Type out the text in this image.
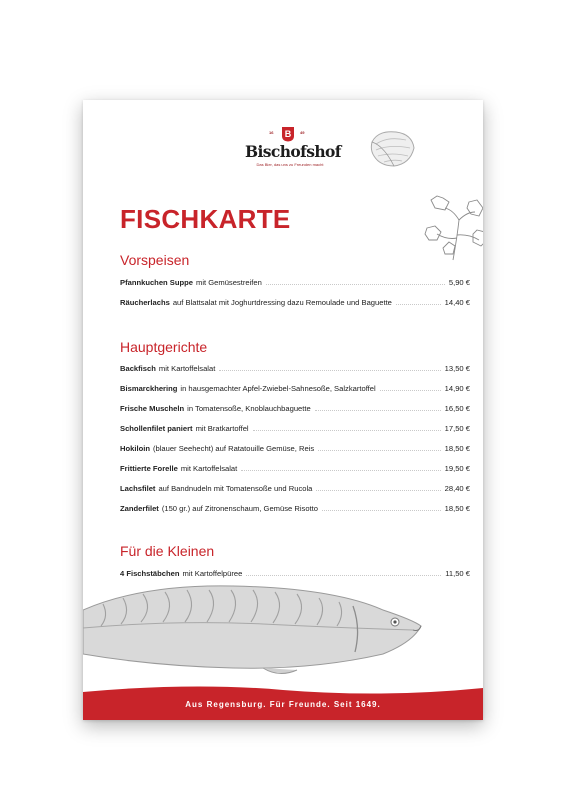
16 B 49
Bischofshof
Das Bier, das uns zu Freunden macht
FISCHKARTE
Vorspeisen
Pfannkuchen Suppe mit Gemüsestreifen	5,90 €
Räucherlachs auf Blattsalat mit Joghurtdressing dazu Remoulade und Baguette	14,40 €
Hauptgerichte
Backfisch mit Kartoffelsalat	13,50 €
Bismarckhering in hausgemachter Apfel-Zwiebel-Sahnesoße, Salzkartoffel	14,90 €
Frische Muscheln in Tomatensoße, Knoblauchbaguette	16,50 €
Schollenfilet paniert mit Bratkartoffel	17,50 €
Hokiloin (blauer Seehecht) auf Ratatouille Gemüse, Reis	18,50 €
Frittierte Forelle mit Kartoffelsalat	19,50 €
Lachsfilet auf Bandnudeln mit Tomatensoße und Rucola	28,40 €
Zanderfilet (150 gr.) auf Zitronenschaum, Gemüse Risotto	18,50 €
Für die Kleinen
4 Fischstäbchen mit Kartoffelpüree	11,50 €
Aus Regensburg. Für Freunde. Seit 1649.
